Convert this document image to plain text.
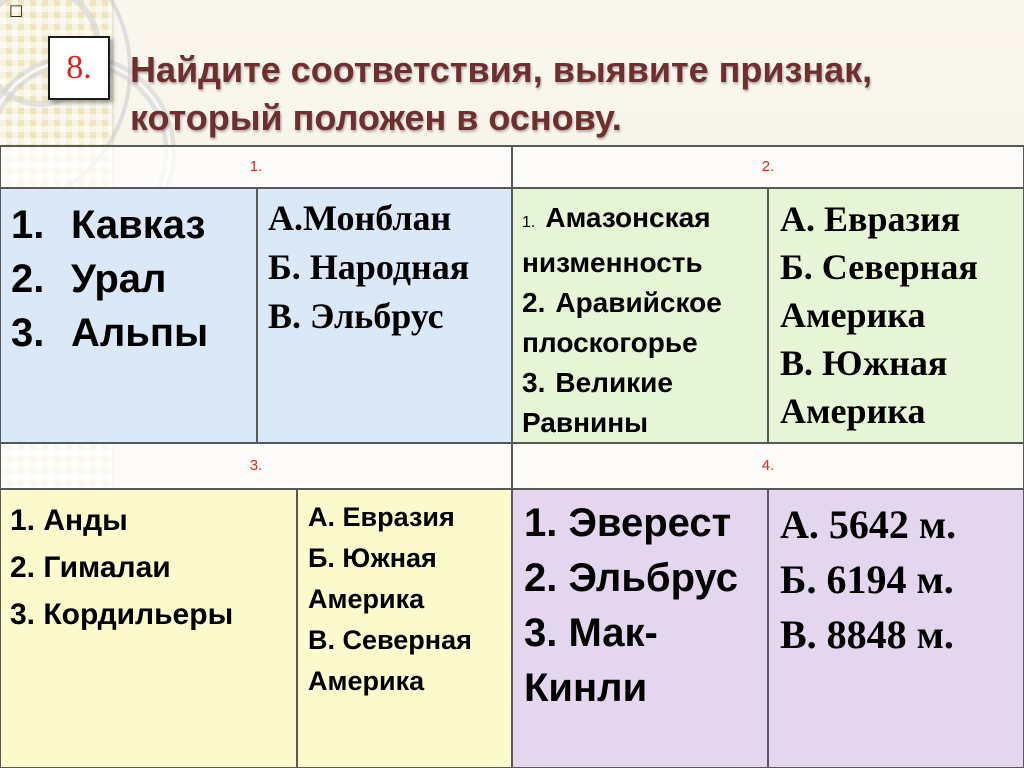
□
8. Найдите соответствия, выявите признак, который положен в основу.
1.	2.
1. Кавказ
2. Урал
3. Альпы
А.Монблан
Б. Народная
В. Эльбрус
1. Амазонская низменность
2. Аравийское плоскогорье
3. Великие Равнины
А. Евразия
Б. Северная Америка
В. Южная Америка
3.	4.
1. Анды
2. Гималаи
3. Кордильеры
А. Евразия
Б. Южная Америка
В. Северная Америка
1. Эверест
2. Эльбрус
3. Мак-Кинли
А. 5642 м.
Б. 6194 м.
В. 8848 м.
